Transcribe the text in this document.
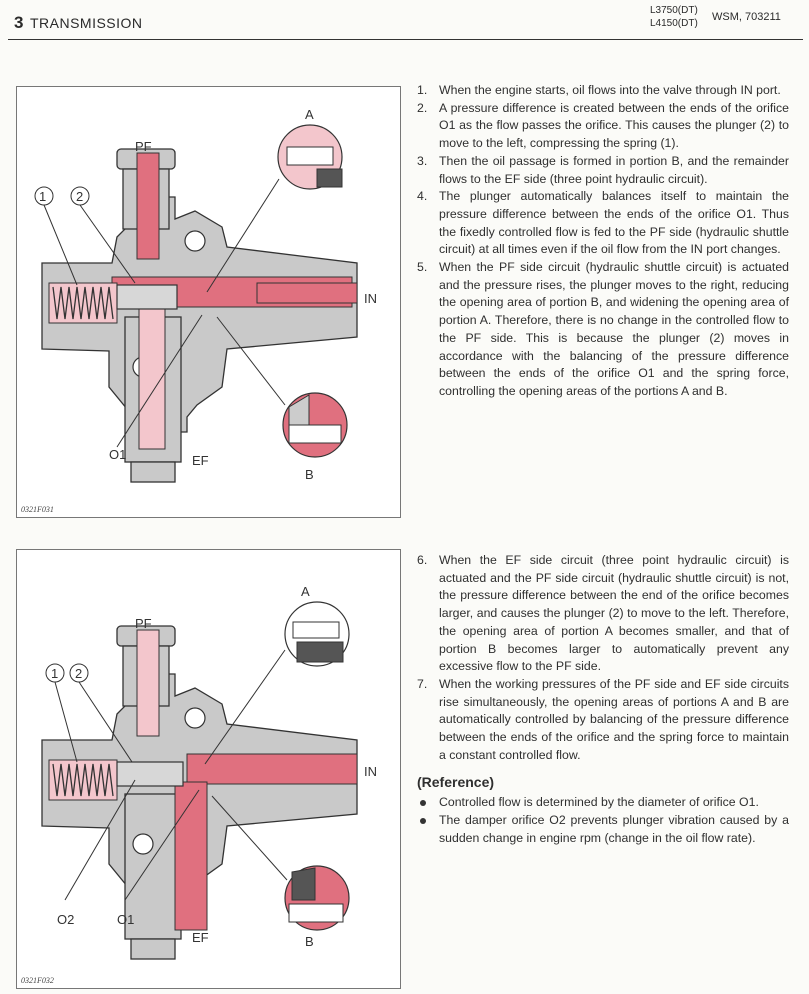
3 TRANSMISSION
L3750(DT)
L4150(DT)
WSM, 703211
1 2
PF
A
IN
EF
B
O1
0321F031
1 2
PF
A
IN
EF	B
O2	O1
0321F032
1. When the engine starts, oil flows into the valve through IN port.
2. A pressure difference is created between the ends of the orifice O1 as the flow passes the orifice. This causes the plunger (2) to move to the left, compressing the spring (1).
3. Then the oil passage is formed in portion B, and the remainder flows to the EF side (three point hydraulic circuit).
4. The plunger automatically balances itself to maintain the pressure difference between the ends of the orifice O1. Thus the fixedly controlled flow is fed to the PF side (hydraulic shuttle circuit) at all times even if the oil flow from the IN port changes.
5. When the PF side circuit (hydraulic shuttle circuit) is actuated and the pressure rises, the plunger moves to the right, reducing the opening area of portion B, and widening the opening area of portion A. Therefore, there is no change in the controlled flow to the PF side. This is because the plunger (2) moves in accordance with the balancing of the pressure difference between the ends of the orifice O1 and the spring force, controlling the opening areas of the portions A and B.
6. When the EF side circuit (three point hydraulic circuit) is actuated and the PF side circuit (hydraulic shuttle circuit) is not, the pressure difference between the end of the orifice becomes larger, and causes the plunger (2) to move to the left. Therefore, the opening area of portion A becomes smaller, and that of portion B becomes larger to automatically prevent any excessive flow to the PF side.
7. When the working pressures of the PF side and EF side circuits rise simultaneously, the opening areas of portions A and B are automatically controlled by balancing of the pressure difference between the ends of the orifice and the spring force to maintain a constant controlled flow.
(Reference)
Controlled flow is determined by the diameter of orifice O1.
The damper orifice O2 prevents plunger vibration caused by a sudden change in engine rpm (change in the oil flow rate).
